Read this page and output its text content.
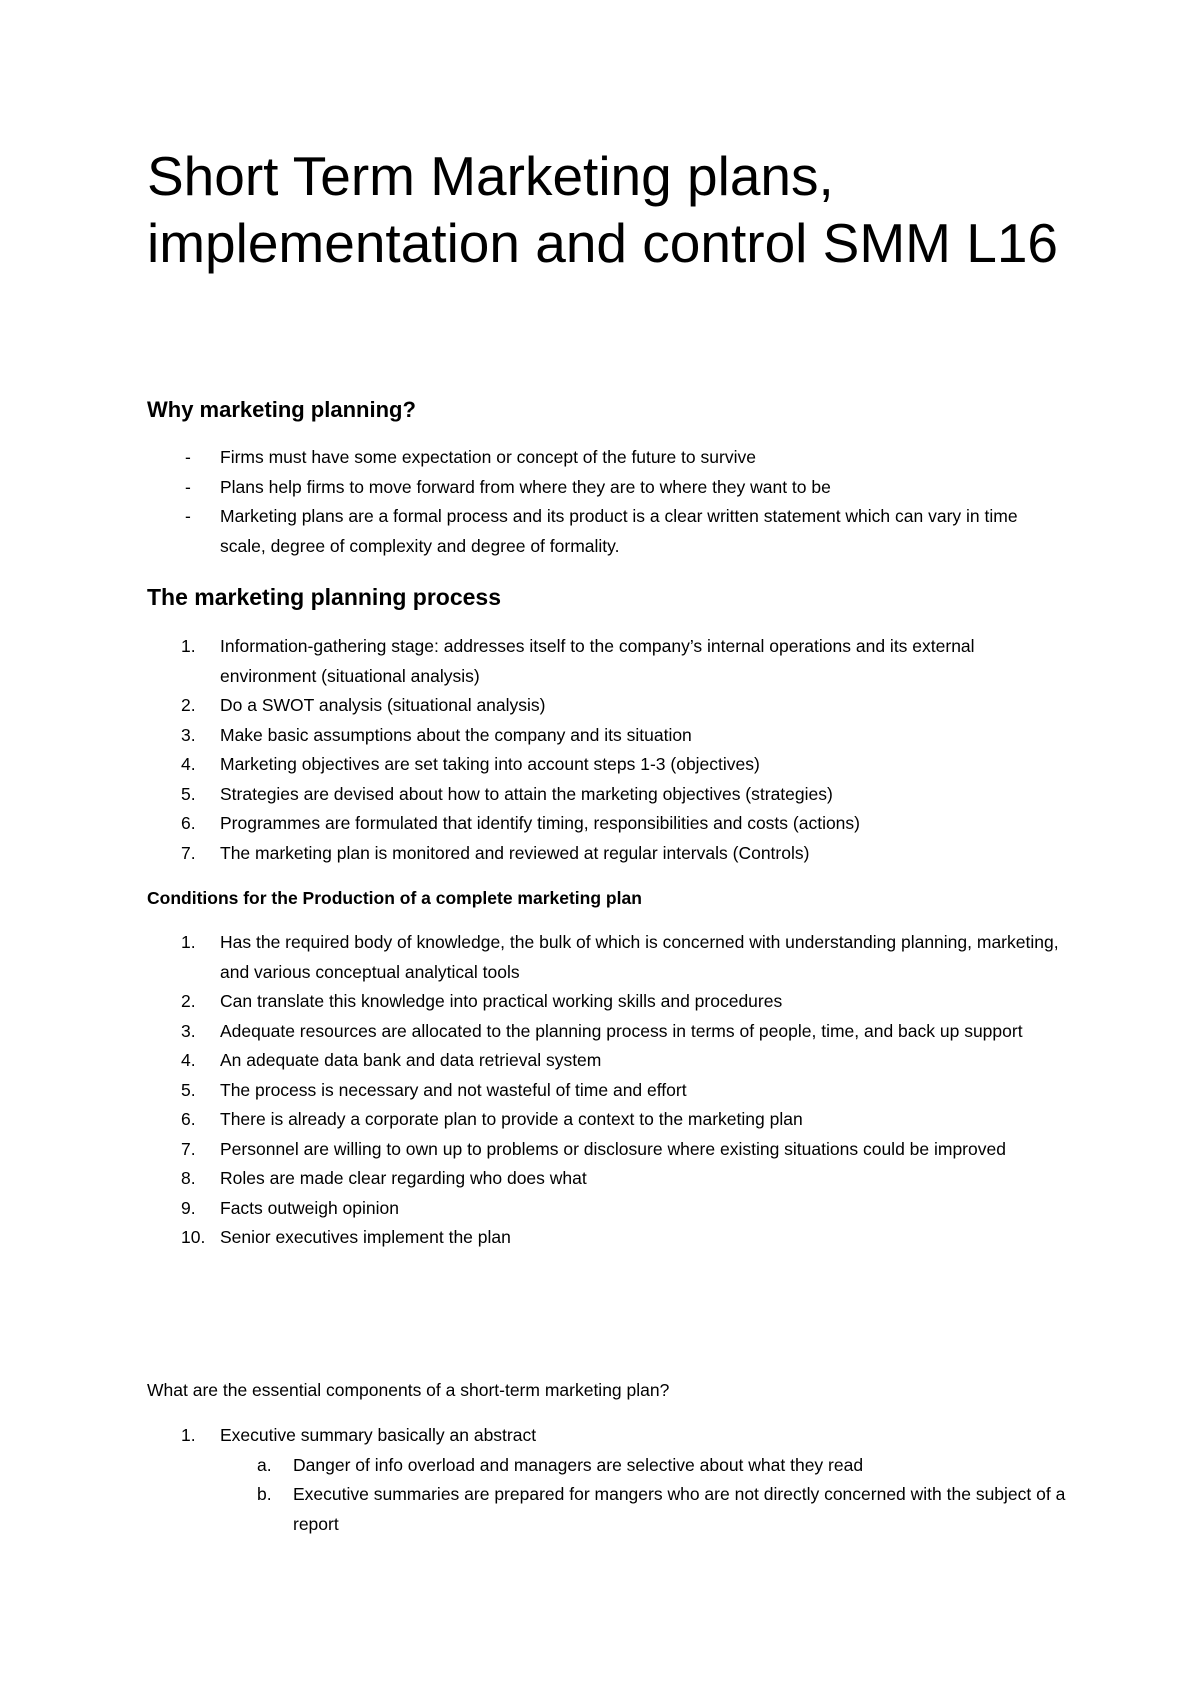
Short Term Marketing plans, implementation and control SMM L16
Why marketing planning?
- Firms must have some expectation or concept of the future to survive
- Plans help firms to move forward from where they are to where they want to be
- Marketing plans are a formal process and its product is a clear written statement which can vary in time scale, degree of complexity and degree of formality.
The marketing planning process
1. Information-gathering stage: addresses itself to the company’s internal operations and its external environment (situational analysis)
2. Do a SWOT analysis (situational analysis)
3. Make basic assumptions about the company and its situation
4. Marketing objectives are set taking into account steps 1-3 (objectives)
5. Strategies are devised about how to attain the marketing objectives (strategies)
6. Programmes are formulated that identify timing, responsibilities and costs (actions)
7. The marketing plan is monitored and reviewed at regular intervals (Controls)
Conditions for the Production of a complete marketing plan
1. Has the required body of knowledge, the bulk of which is concerned with understanding planning, marketing, and various conceptual analytical tools
2. Can translate this knowledge into practical working skills and procedures
3. Adequate resources are allocated to the planning process in terms of people, time, and back up support
4. An adequate data bank and data retrieval system
5. The process is necessary and not wasteful of time and effort
6. There is already a corporate plan to provide a context to the marketing plan
7. Personnel are willing to own up to problems or disclosure where existing situations could be improved
8. Roles are made clear regarding who does what
9. Facts outweigh opinion
10. Senior executives implement the plan

What are the essential components of a short-term marketing plan?

1. Executive summary basically an abstract
a. Danger of info overload and managers are selective about what they read
b. Executive summaries are prepared for mangers who are not directly concerned with the subject of a report
